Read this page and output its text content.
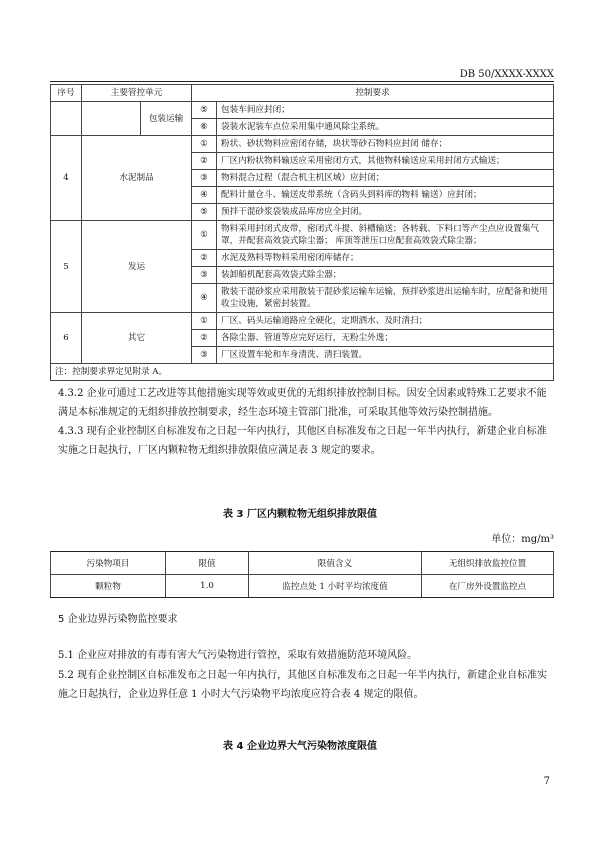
DB 50/XXXX-XXXX
序号	主要管控单元		控制要求	
		包装运输	⑤	包装车间应封闭；
			⑥	袋装水泥装车点位采用集中通风除尘系统。
4	水泥制品		①	粉状、砂状物料应密闭存储，块状等砂石物料应封闭 储存；
			②	厂区内粉状物料输送应采用密闭方式，其他物料输送应采用封闭方式输送；
			③	物料混合过程（混合机主机区域）应封闭；
			④	配料计量仓斗、输送皮带系统（含码头到料库的物料 输送）应封闭；
			⑤	预拌干混砂浆袋装成品库房应全封闭。
5	发运		①	物料采用封闭式皮带，密闭式斗提、斜槽输送；各转载、下料口等产尘点应设置集气罩，并配套高效袋式除尘器； 库顶等泄压口应配套高效袋式除尘器；
			②	水泥及熟料等物料采用密闭库储存；
			③	装卸船机配套高效袋式除尘器；
			④	散装干混砂浆应采用散装干混砂浆运输车运输，预拌砂浆进出运输车时，应配备和使用收尘设施，紧密封装置。
6	其它		①	厂区、码头运输道路应全硬化，定期洒水、及时清扫；
			②	各除尘器、管道等应完好运行，无粉尘外逸；
			③	厂区设置车轮和车身清洗、清扫装置。
注：控制要求界定见附录 A。				
4.3.2 企业可通过工艺改进等其他措施实现等效或更优的无组织排放控制目标。因安全因素或特殊工艺要求不能满足本标准规定的无组织排放控制要求，经生态环境主管部门批准，可采取其他等效污染控制措施。
4.3.3 现有企业控制区自标准发布之日起一年内执行，其他区自标准发布之日起一年半内执行，新建企业自标准实施之日起执行，厂区内颗粒物无组织排放限值应满足表 3 规定的要求。
表 3 厂区内颗粒物无组织排放限值
单位：mg/m³
污染物项目	限值	限值含义	无组织排放监控位置
颗粒物	1.0	监控点处 1 小时平均浓度值	在厂房外设置监控点
5 企业边界污染物监控要求
5.1 企业应对排放的有毒有害大气污染物进行管控，采取有效措施防范环境风险。
5.2 现有企业控制区自标准发布之日起一年内执行，其他区自标准发布之日起一年半内执行，新建企业自标准实施之日起执行，企业边界任意 1 小时大气污染物平均浓度应符合表 4 规定的限值。
表 4 企业边界大气污染物浓度限值
7
